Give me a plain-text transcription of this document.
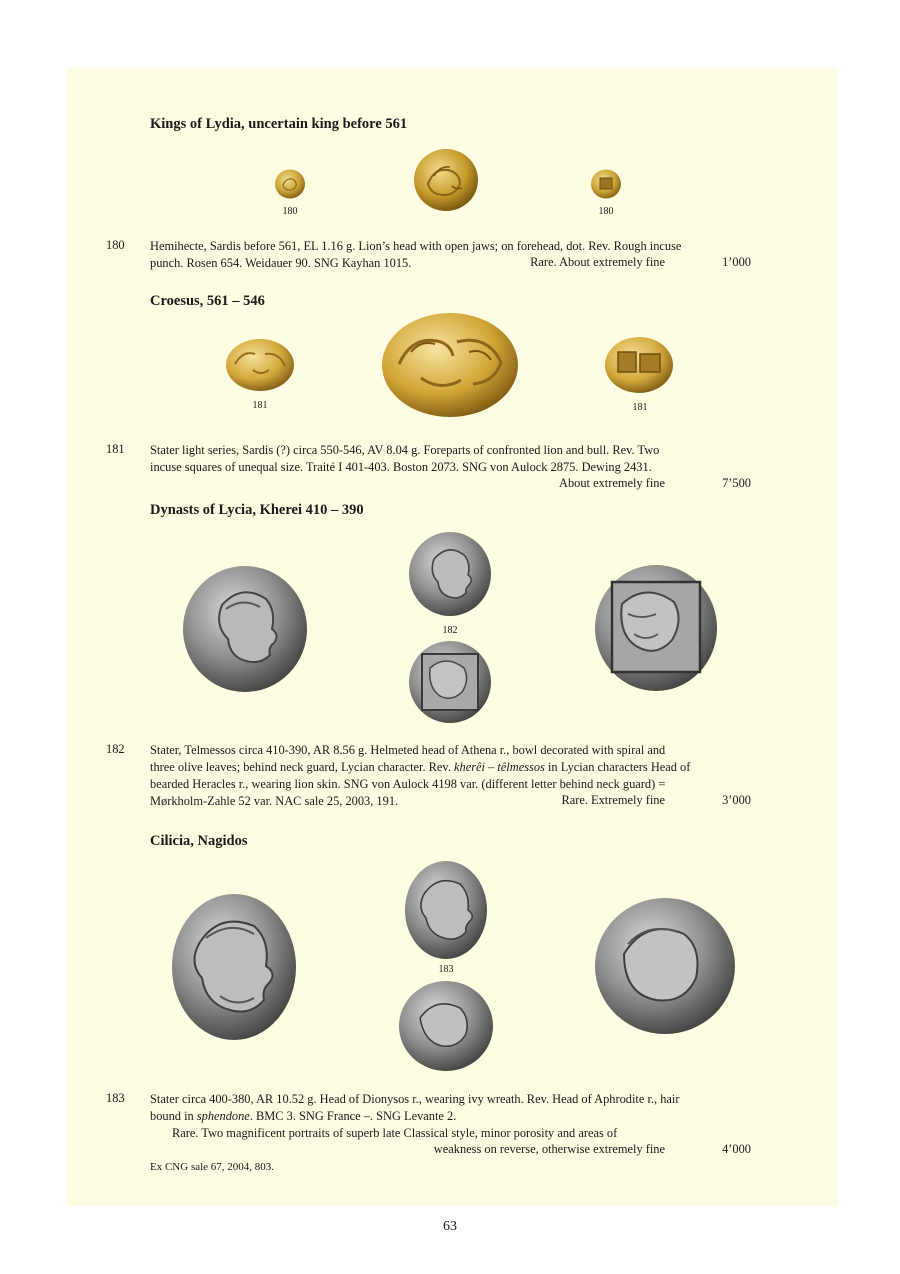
Kings of Lydia, uncertain king before 561
180	180
180 Hemihecte, Sardis before 561, EL 1.16 g. Lion’s head with open jaws; on forehead, dot. Rev. Rough incuse
punch. Rosen 654. Weidauer 90. SNG Kayhan 1015.	Rare. About extremely fine	1’000
Croesus, 561 – 546
181	181
181 Stater light series, Sardis (?) circa 550-546, AV 8.04 g. Foreparts of confronted lion and bull. Rev. Two
incuse squares of unequal size. Traité I 401-403. Boston 2073. SNG von Aulock 2875. Dewing 2431.
About extremely fine	7’500
Dynasts of Lycia, Kherei 410 – 390
182
182 Stater, Telmessos circa 410-390, AR 8.56 g. Helmeted head of Athena r., bowl decorated with spiral and
three olive leaves; behind neck guard, Lycian character. Rev. kherêi – têlmessos in Lycian characters Head of
bearded Heracles r., wearing lion skin. SNG von Aulock 4198 var. (different letter behind neck guard) =
Mørkholm-Zahle 52 var. NAC sale 25, 2003, 191.	Rare. Extremely fine	3’000
Cilicia, Nagidos
183
183 Stater circa 400-380, AR 10.52 g. Head of Dionysos r., wearing ivy wreath. Rev. Head of Aphrodite r., hair
bound in sphendone. BMC 3. SNG France –. SNG Levante 2.
Rare. Two magnificent portraits of superb late Classical style, minor porosity and areas of
weakness on reverse, otherwise extremely fine	4’000
Ex CNG sale 67, 2004, 803.
63
